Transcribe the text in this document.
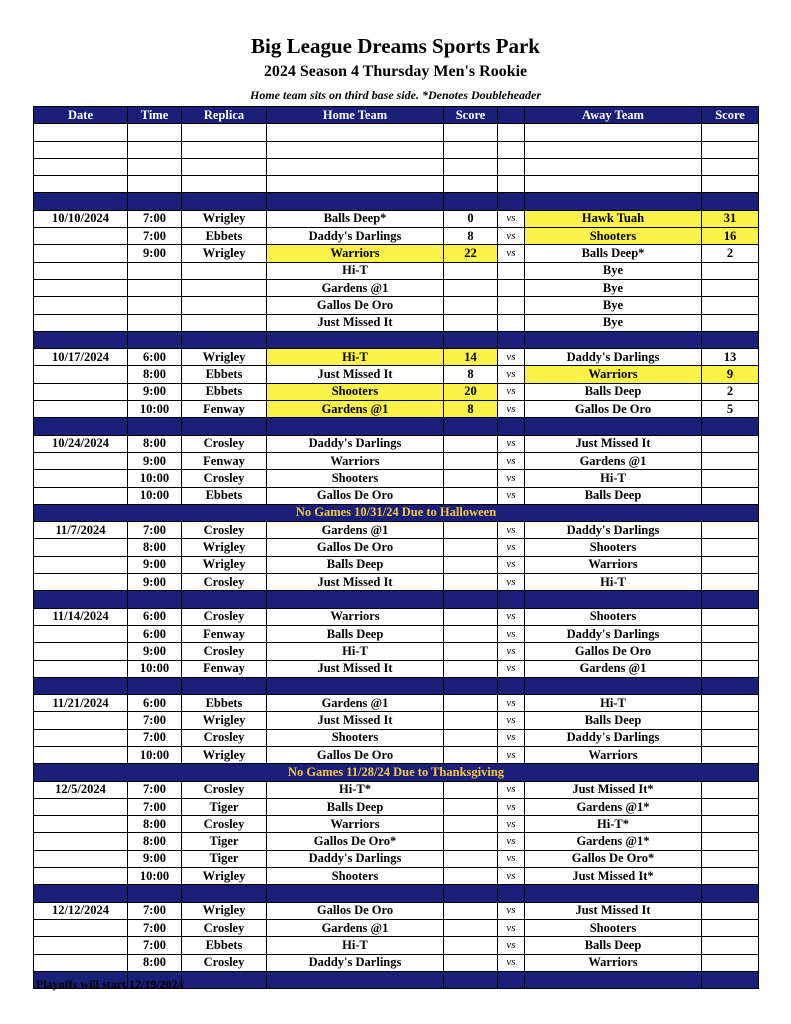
Big League Dreams Sports Park
2024 Season 4 Thursday Men's Rookie
Home team sits on third base side. *Denotes Doubleheader
Date	Time	Replica	Home Team	Score		Away Team	Score

10/10/2024	7:00	Wrigley	Balls Deep*	0	vs	Hawk Tuah	31
	7:00	Ebbets	Daddy's Darlings	8	vs	Shooters	16
	9:00	Wrigley	Warriors	22	vs	Balls Deep*	2
			Hi-T			Bye	
			Gardens @1			Bye	
			Gallos De Oro			Bye	
			Just Missed It			Bye	

10/17/2024	6:00	Wrigley	Hi-T	14	vs	Daddy's Darlings	13
	8:00	Ebbets	Just Missed It	8	vs	Warriors	9
	9:00	Ebbets	Shooters	20	vs	Balls Deep	2
	10:00	Fenway	Gardens @1	8	vs	Gallos De Oro	5

10/24/2024	8:00	Crosley	Daddy's Darlings		vs	Just Missed It	
	9:00	Fenway	Warriors		vs	Gardens @1	
	10:00	Crosley	Shooters		vs	Hi-T	
	10:00	Ebbets	Gallos De Oro		vs	Balls Deep	
No Games 10/31/24 Due to Halloween							
11/7/2024	7:00	Crosley	Gardens @1		vs	Daddy's Darlings	
	8:00	Wrigley	Gallos De Oro		vs	Shooters	
	9:00	Wrigley	Balls Deep		vs	Warriors	
	9:00	Crosley	Just Missed It		vs	Hi-T	

11/14/2024	6:00	Crosley	Warriors		vs	Shooters	
	6:00	Fenway	Balls Deep		vs	Daddy's Darlings	
	9:00	Crosley	Hi-T		vs	Gallos De Oro	
	10:00	Fenway	Just Missed It		vs	Gardens @1	

11/21/2024	6:00	Ebbets	Gardens @1		vs	Hi-T	
	7:00	Wrigley	Just Missed It		vs	Balls Deep	
	7:00	Crosley	Shooters		vs	Daddy's Darlings	
	10:00	Wrigley	Gallos De Oro		vs	Warriors	
No Games 11/28/24 Due to Thanksgiving							
12/5/2024	7:00	Crosley	Hi-T*		vs	Just Missed It*	
	7:00	Tiger	Balls Deep		vs	Gardens @1*	
	8:00	Crosley	Warriors		vs	Hi-T*	
	8:00	Tiger	Gallos De Oro*		vs	Gardens @1*	
	9:00	Tiger	Daddy's Darlings		vs	Gallos De Oro*	
	10:00	Wrigley	Shooters		vs	Just Missed It*	

12/12/2024	7:00	Wrigley	Gallos De Oro		vs	Just Missed It	
	7:00	Crosley	Gardens @1		vs	Shooters	
	7:00	Ebbets	Hi-T		vs	Balls Deep	
	8:00	Crosley	Daddy's Darlings		vs	Warriors	

Playoffs will start 12/19/2024
